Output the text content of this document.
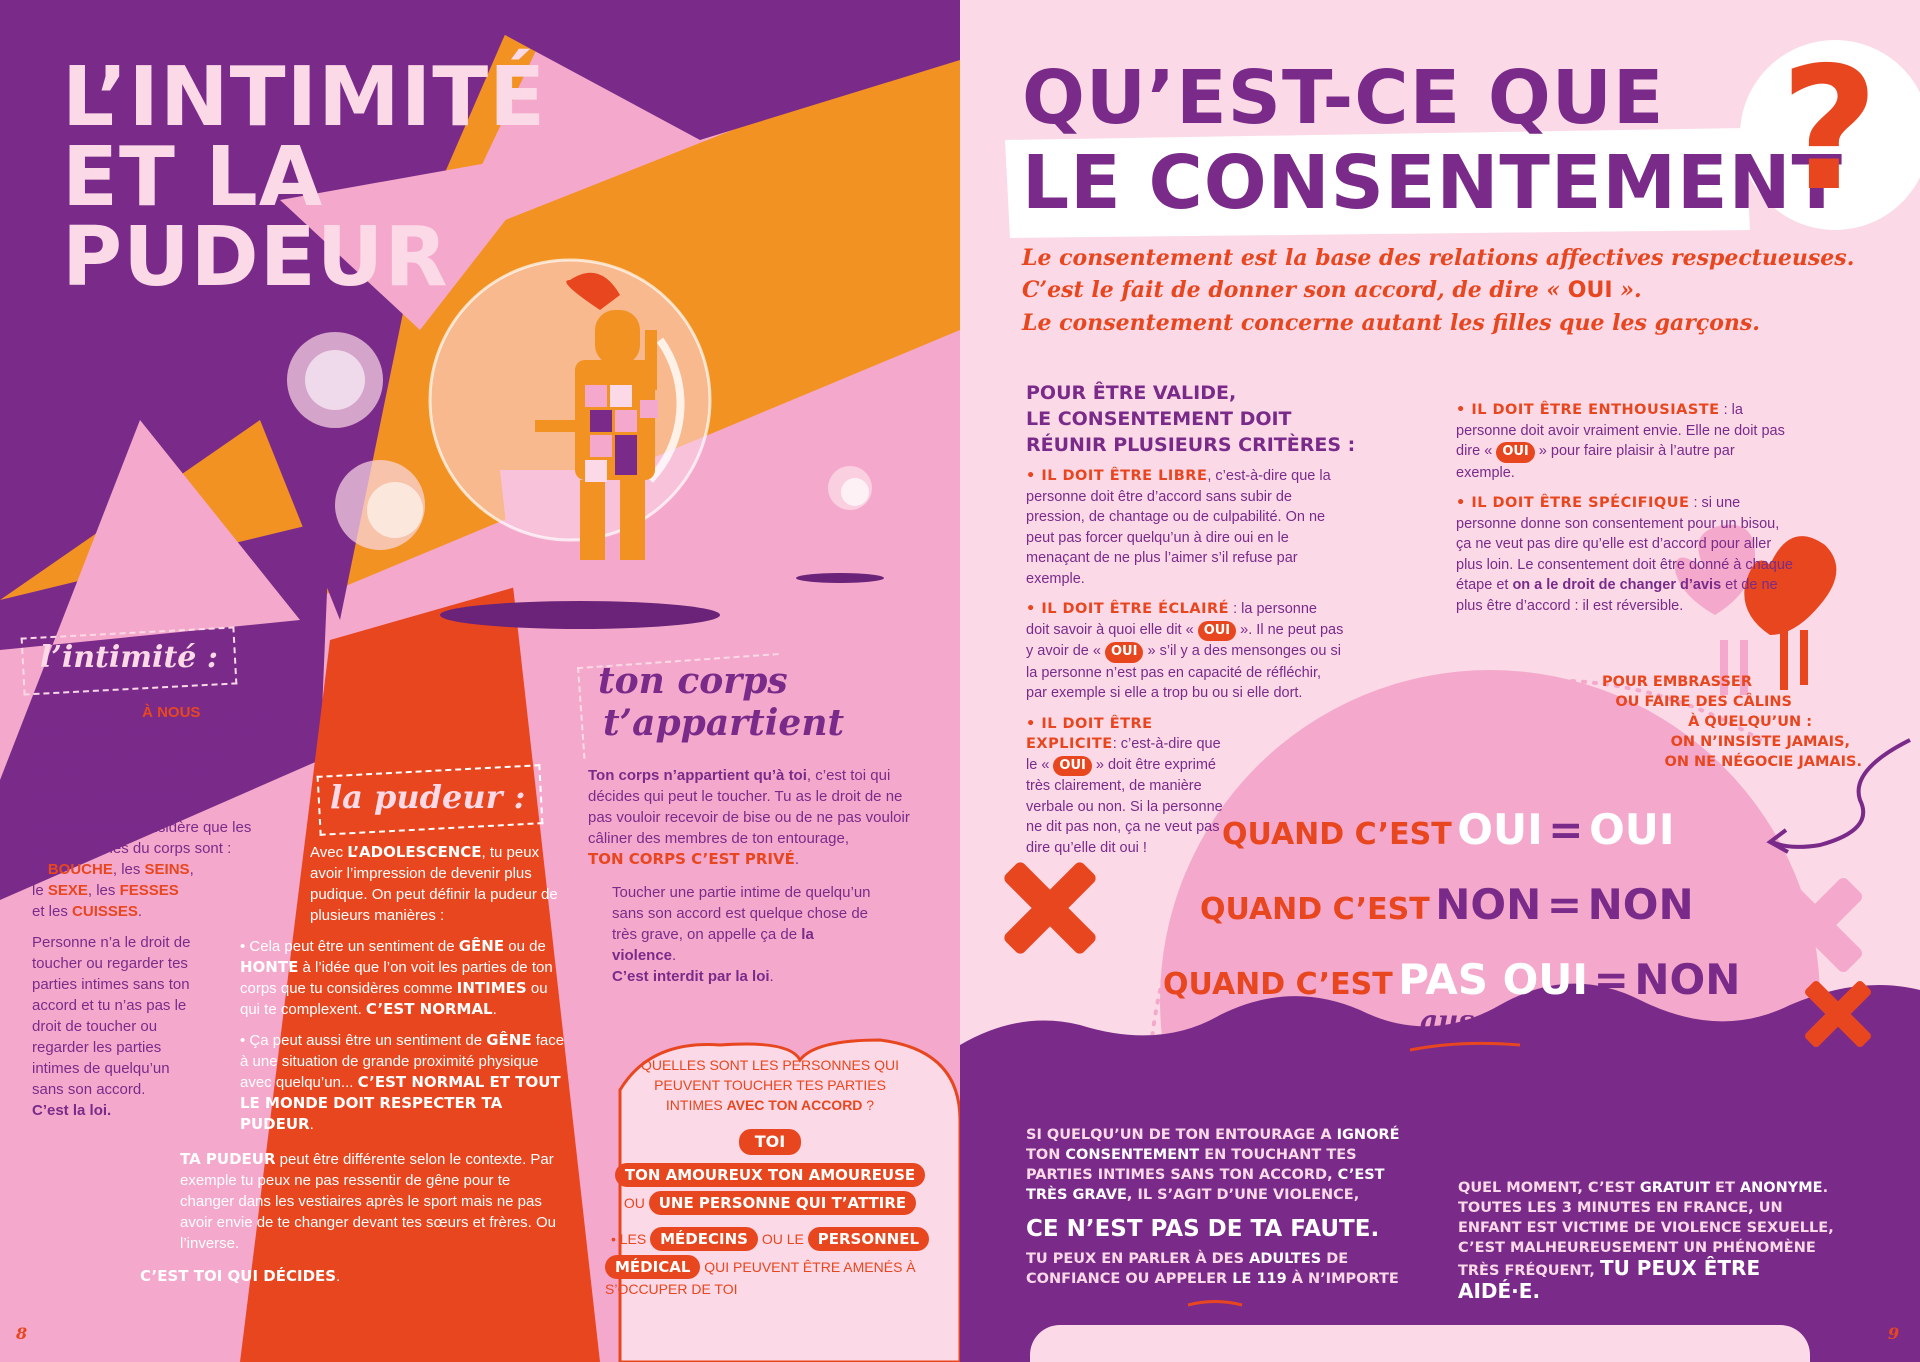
L’INTIMITÉ
ET LA
PUDEUR
l’intimité :

C’est l’espace « À NOUS » dont nous avons besoin pour nous sentir bien, notre bulle. Chaque personne détermine la zone d’intimité dans laquelle elle se sent bien.

En général, on considère que les parties intimes du corps sont :
la BOUCHE, les SEINS,
le SEXE, les FESSES
et les CUISSES.

Personne n’a le droit de toucher ou regarder tes parties intimes sans ton accord et tu n’as pas le droit de toucher ou regarder les parties intimes de quelqu’un sans son accord.
C’est la loi.

la pudeur :

Avec L’ADOLESCENCE, tu peux avoir l’impression de devenir plus pudique. On peut définir la pudeur de plusieurs manières :

• Cela peut être un sentiment de GÊNE ou de HONTE à l’idée que l’on voit les parties de ton corps que tu considères comme INTIMES ou qui te complexent. C’EST NORMAL.

• Ça peut aussi être un sentiment de GÊNE face à une situation de grande proximité physique avec quelqu’un... C’EST NORMAL ET TOUT LE MONDE DOIT RESPECTER TA PUDEUR.

TA PUDEUR peut être différente selon le contexte. Par exemple tu peux ne pas ressentir de gêne pour te changer dans les vestiaires après le sport mais ne pas avoir envie de te changer devant tes sœurs et frères. Ou l’inverse.

C’EST TOI QUI DÉCIDES.

ton corps
t’appartient

Ton corps n’appartient qu’à toi, c’est toi qui décides qui peut le toucher. Tu as le droit de ne pas vouloir recevoir de bise ou de ne pas vouloir câliner des membres de ton entourage,
TON CORPS C’EST PRIVÉ.

Toucher une partie intime de quelqu’un sans son accord est quelque chose de très grave, on appelle ça de la violence.
C’est interdit par la loi.

QUELLES SONT LES PERSONNES QUI PEUVENT TOUCHER TES PARTIES INTIMES AVEC TON ACCORD ?
TOI
TON AMOUREUX TON AMOUREUSE
OU UNE PERSONNE QUI T’ATTIRE
• LES MÉDECINS OU LE PERSONNEL
MÉDICAL QUI PEUVENT ÊTRE AMENÉS À S’OCCUPER DE TOI
8
QU’EST-CE QUE
LE CONSENTEMENT
?
Le consentement est la base des relations affectives respectueuses.
C’est le fait de donner son accord, de dire « OUI ».
Le consentement concerne autant les filles que les garçons.
POUR ÊTRE VALIDE,
LE CONSENTEMENT DOIT
RÉUNIR PLUSIEURS CRITÈRES :

• IL DOIT ÊTRE LIBRE, c’est-à-dire que la personne doit être d’accord sans subir de pression, de chantage ou de culpabilité. On ne peut pas forcer quelqu’un à dire oui en le menaçant de ne plus l’aimer s’il refuse par exemple.

• IL DOIT ÊTRE ÉCLAIRÉ : la personne doit savoir à quoi elle dit « OUI ». Il ne peut pas y avoir de « OUI » s’il y a des mensonges ou si la personne n’est pas en capacité de réfléchir, par exemple si elle a trop bu ou si elle dort.

• IL DOIT ÊTRE EXPLICITE: c’est-à-dire que le « OUI » doit être exprimé très clairement, de manière verbale ou non. Si la personne ne dit pas non, ça ne veut pas dire qu’elle dit oui !

• IL DOIT ÊTRE ENTHOUSIASTE : la personne doit avoir vraiment envie. Elle ne doit pas dire « OUI » pour faire plaisir à l’autre par exemple.

• IL DOIT ÊTRE SPÉCIFIQUE : si une personne donne son consentement pour un bisou, ça ne veut pas dire qu’elle est d’accord pour aller plus loin. Le consentement doit être donné à chaque étape et on a le droit de changer d’avis et de ne plus être d’accord : il est réversible.

POUR EMBRASSER
OU FAIRE DES CÂLINS
À QUELQU’UN :
ON N’INSISTE JAMAIS,
ON NE NÉGOCIE JAMAIS.
QUAND C’EST OUI = OUI
QUAND C’EST NON = NON
QUAND C’EST PAS OUI = NON
aussi
SI QUELQU’UN DE TON ENTOURAGE A IGNORÉ TON CONSENTEMENT EN TOUCHANT TES PARTIES INTIMES SANS TON ACCORD, C’EST TRÈS GRAVE, IL S’AGIT D’UNE VIOLENCE,
CE N’EST PAS DE TA FAUTE.
TU PEUX EN PARLER À DES ADULTES DE CONFIANCE OU APPELER LE 119 À N’IMPORTE
QUEL MOMENT, C’EST GRATUIT ET ANONYME. TOUTES LES 3 MINUTES EN FRANCE, UN ENFANT EST VICTIME DE VIOLENCE SEXUELLE, C’EST MALHEUREUSEMENT UN PHÉNOMÈNE TRÈS FRÉQUENT, TU PEUX ÊTRE AIDÉ·E.
9
